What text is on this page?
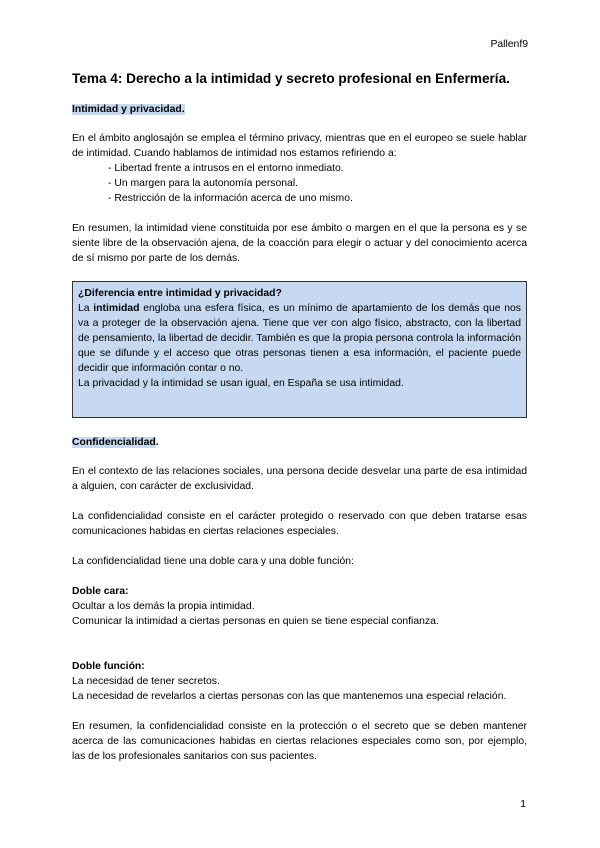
Pallenf9
Tema 4: Derecho a la intimidad y secreto profesional en Enfermería.
Intimidad y privacidad.

En el ámbito anglosajón se emplea el término privacy, mientras que en el europeo se suele hablar de intimidad. Cuando hablamos de intimidad nos estamos refiriendo a:

- Libertad frente a intrusos en el entorno inmediato.
- Un margen para la autonomía personal.
- Restricción de la información acerca de uno mismo.

En resumen, la intimidad viene constituida por ese ámbito o margen en el que la persona es y se siente libre de la observación ajena, de la coacción para elegir o actuar y del conocimiento acerca de sí mismo por parte de los demás.

¿Diferencia entre intimidad y privacidad?

La intimidad engloba una esfera física, es un mínimo de apartamiento de los demás que nos va a proteger de la observación ajena. Tiene que ver con algo físico, abstracto, con la libertad de pensamiento, la libertad de decidir. También es que la propia persona controla la información que se difunde y el acceso que otras personas tienen a esa información, el paciente puede decidir que información contar o no.

La privacidad y la intimidad se usan igual, en España se usa intimidad.

Confidencialidad.

En el contexto de las relaciones sociales, una persona decide desvelar una parte de esa intimidad a alguien, con carácter de exclusividad.

La confidencialidad consiste en el carácter protegido o reservado con que deben tratarse esas comunicaciones habidas en ciertas relaciones especiales.

La confidencialidad tiene una doble cara y una doble función:

Doble cara:
Ocultar a los demás la propia intimidad.
Comunicar la intimidad a ciertas personas en quien se tiene especial confianza.
Doble función:
La necesidad de tener secretos.

La necesidad de revelarlos a ciertas personas con las que mantenemos una especial relación.

En resumen, la confidencialidad consiste en la protección o el secreto que se deben mantener acerca de las comunicaciones habidas en ciertas relaciones especiales como son, por ejemplo, las de los profesionales sanitarios con sus pacientes.

1
